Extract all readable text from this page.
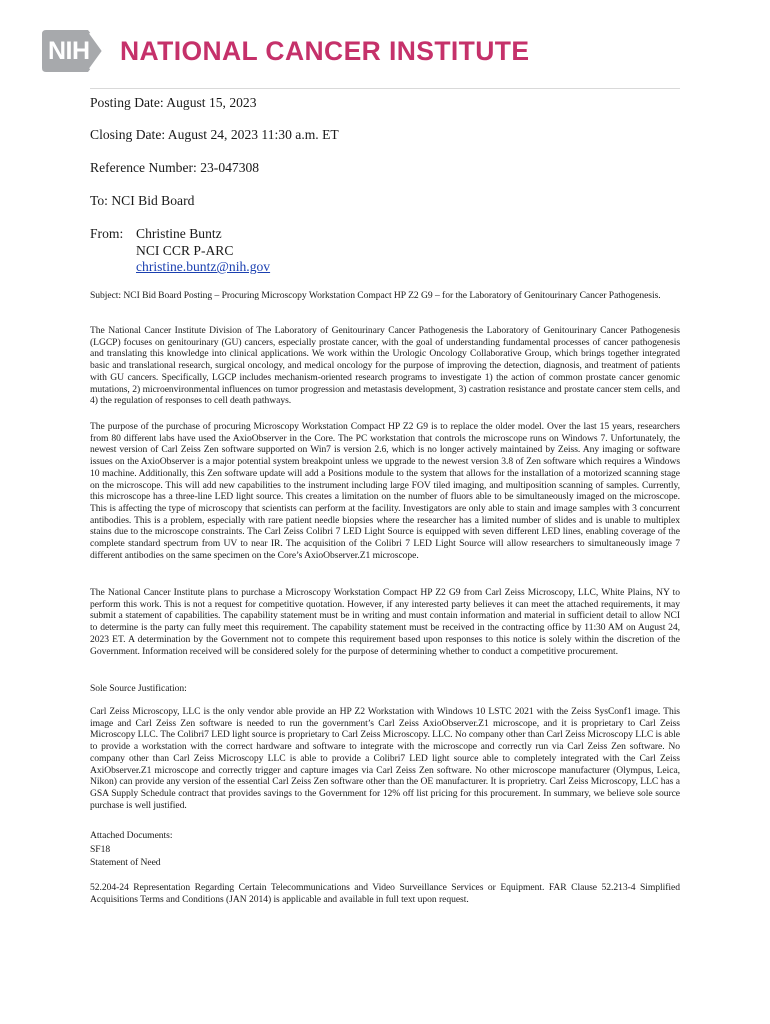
NIH NATIONAL CANCER INSTITUTE
Posting Date: August 15, 2023
Closing Date: August 24, 2023 11:30 a.m. ET
Reference Number: 23-047308
To: NCI Bid Board
From: Christine Buntz
NCI CCR P-ARC
christine.buntz@nih.gov
Subject: NCI Bid Board Posting – Procuring Microscopy Workstation Compact HP Z2 G9 – for the Laboratory of Genitourinary Cancer Pathogenesis.
The National Cancer Institute Division of The Laboratory of Genitourinary Cancer Pathogenesis the Laboratory of Genitourinary Cancer Pathogenesis (LGCP) focuses on genitourinary (GU) cancers, especially prostate cancer, with the goal of understanding fundamental processes of cancer pathogenesis and translating this knowledge into clinical applications. We work within the Urologic Oncology Collaborative Group, which brings together integrated basic and translational research, surgical oncology, and medical oncology for the purpose of improving the detection, diagnosis, and treatment of patients with GU cancers. Specifically, LGCP includes mechanism-oriented research programs to investigate 1) the action of common prostate cancer genomic mutations, 2) microenvironmental influences on tumor progression and metastasis development, 3) castration resistance and prostate cancer stem cells, and 4) the regulation of responses to cell death pathways.
The purpose of the purchase of procuring Microscopy Workstation Compact HP Z2 G9 is to replace the older model. Over the last 15 years, researchers from 80 different labs have used the AxioObserver in the Core. The PC workstation that controls the microscope runs on Windows 7. Unfortunately, the newest version of Carl Zeiss Zen software supported on Win7 is version 2.6, which is no longer actively maintained by Zeiss. Any imaging or software issues on the AxioObserver is a major potential system breakpoint unless we upgrade to the newest version 3.8 of Zen software which requires a Windows 10 machine. Additionally, this Zen software update will add a Positions module to the system that allows for the installation of a motorized scanning stage on the microscope. This will add new capabilities to the instrument including large FOV tiled imaging, and multiposition scanning of samples. Currently, this microscope has a three-line LED light source. This creates a limitation on the number of fluors able to be simultaneously imaged on the microscope. This is affecting the type of microscopy that scientists can perform at the facility. Investigators are only able to stain and image samples with 3 concurrent antibodies. This is a problem, especially with rare patient needle biopsies where the researcher has a limited number of slides and is unable to multiplex stains due to the microscope constraints. The Carl Zeiss Colibri 7 LED Light Source is equipped with seven different LED lines, enabling coverage of the complete standard spectrum from UV to near IR. The acquisition of the Colibri 7 LED Light Source will allow researchers to simultaneously image 7 different antibodies on the same specimen on the Core’s AxioObserver.Z1 microscope.
The National Cancer Institute plans to purchase a Microscopy Workstation Compact HP Z2 G9 from Carl Zeiss Microscopy, LLC, White Plains, NY to perform this work. This is not a request for competitive quotation. However, if any interested party believes it can meet the attached requirements, it may submit a statement of capabilities. The capability statement must be in writing and must contain information and material in sufficient detail to allow NCI to determine is the party can fully meet this requirement. The capability statement must be received in the contracting office by 11:30 AM on August 24, 2023 ET. A determination by the Government not to compete this requirement based upon responses to this notice is solely within the discretion of the Government. Information received will be considered solely for the purpose of determining whether to conduct a competitive procurement.
Sole Source Justification:
Carl Zeiss Microscopy, LLC is the only vendor able provide an HP Z2 Workstation with Windows 10 LSTC 2021 with the Zeiss SysConf1 image. This image and Carl Zeiss Zen software is needed to run the government’s Carl Zeiss AxioObserver.Z1 microscope, and it is proprietary to Carl Zeiss Microscopy LLC. The Colibri7 LED light source is proprietary to Carl Zeiss Microscopy. LLC. No company other than Carl Zeiss Microscopy LLC is able to provide a workstation with the correct hardware and software to integrate with the microscope and correctly run via Carl Zeiss Zen software. No company other than Carl Zeiss Microscopy LLC is able to provide a Colibri7 LED light source able to completely integrated with the Carl Zeiss AxiObserver.Z1 microscope and correctly trigger and capture images via Carl Zeiss Zen software. No other microscope manufacturer (Olympus, Leica, Nikon) can provide any version of the essential Carl Zeiss Zen software other than the OE manufacturer. It is proprietry. Carl Zeiss Microscopy, LLC has a GSA Supply Schedule contract that provides savings to the Government for 12% off list pricing for this procurement. In summary, we believe sole source purchase is well justified.
Attached Documents:
SF18
Statement of Need
52.204-24 Representation Regarding Certain Telecommunications and Video Surveillance Services or Equipment. FAR Clause 52.213-4 Simplified Acquisitions Terms and Conditions (JAN 2014) is applicable and available in full text upon request.
